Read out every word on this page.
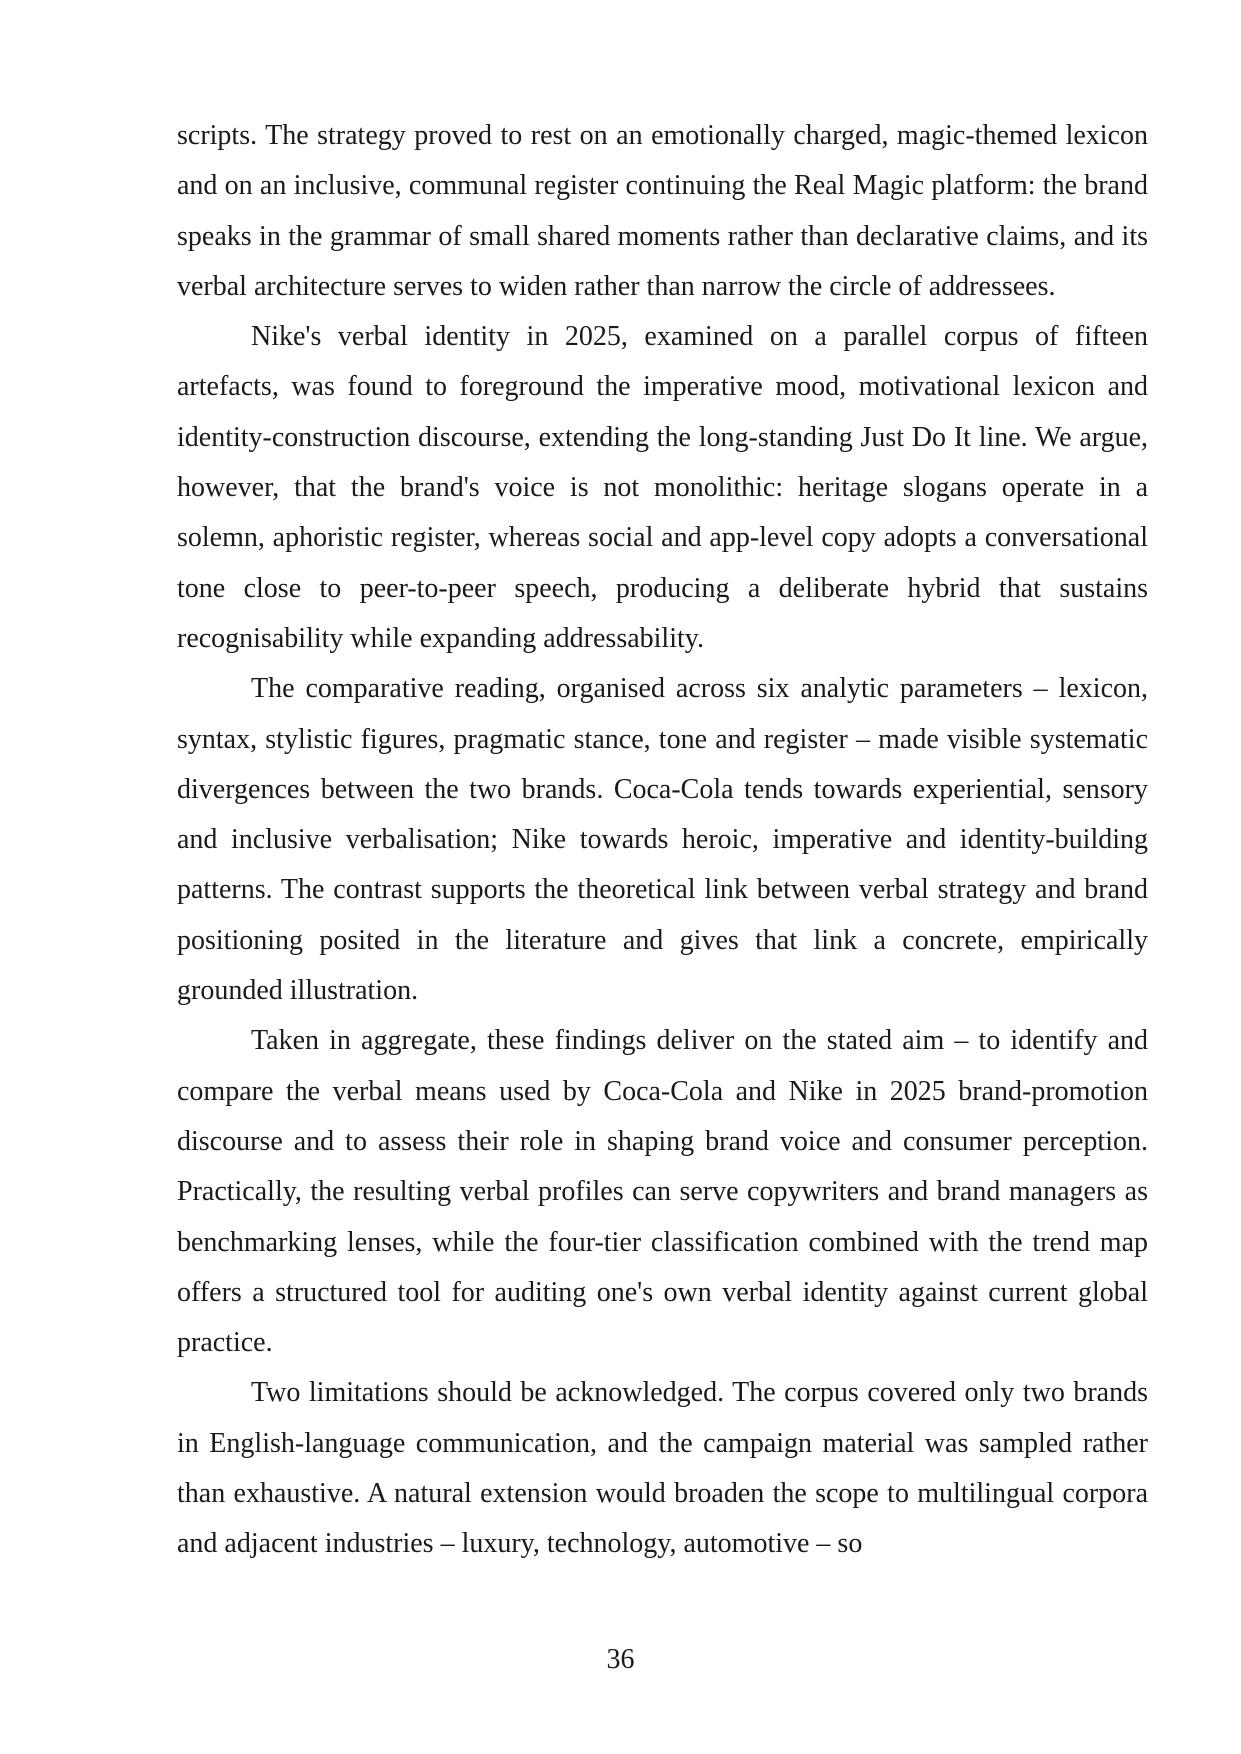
scripts. The strategy proved to rest on an emotionally charged, magic-themed lexicon and on an inclusive, communal register continuing the Real Magic platform: the brand speaks in the grammar of small shared moments rather than declarative claims, and its verbal architecture serves to widen rather than narrow the circle of addressees.

Nike's verbal identity in 2025, examined on a parallel corpus of fifteen artefacts, was found to foreground the imperative mood, motivational lexicon and identity-construction discourse, extending the long-standing Just Do It line. We argue, however, that the brand's voice is not monolithic: heritage slogans operate in a solemn, aphoristic register, whereas social and app-level copy adopts a conversational tone close to peer-to-peer speech, producing a deliberate hybrid that sustains recognisability while expanding addressability.

The comparative reading, organised across six analytic parameters – lexicon, syntax, stylistic figures, pragmatic stance, tone and register – made visible systematic divergences between the two brands. Coca-Cola tends towards experiential, sensory and inclusive verbalisation; Nike towards heroic, imperative and identity-building patterns. The contrast supports the theoretical link between verbal strategy and brand positioning posited in the literature and gives that link a concrete, empirically grounded illustration.

Taken in aggregate, these findings deliver on the stated aim – to identify and compare the verbal means used by Coca-Cola and Nike in 2025 brand-promotion discourse and to assess their role in shaping brand voice and consumer perception. Practically, the resulting verbal profiles can serve copywriters and brand managers as benchmarking lenses, while the four-tier classification combined with the trend map offers a structured tool for auditing one's own verbal identity against current global practice.

Two limitations should be acknowledged. The corpus covered only two brands in English-language communication, and the campaign material was sampled rather than exhaustive. A natural extension would broaden the scope to multilingual corpora and adjacent industries – luxury, technology, automotive – so

36
